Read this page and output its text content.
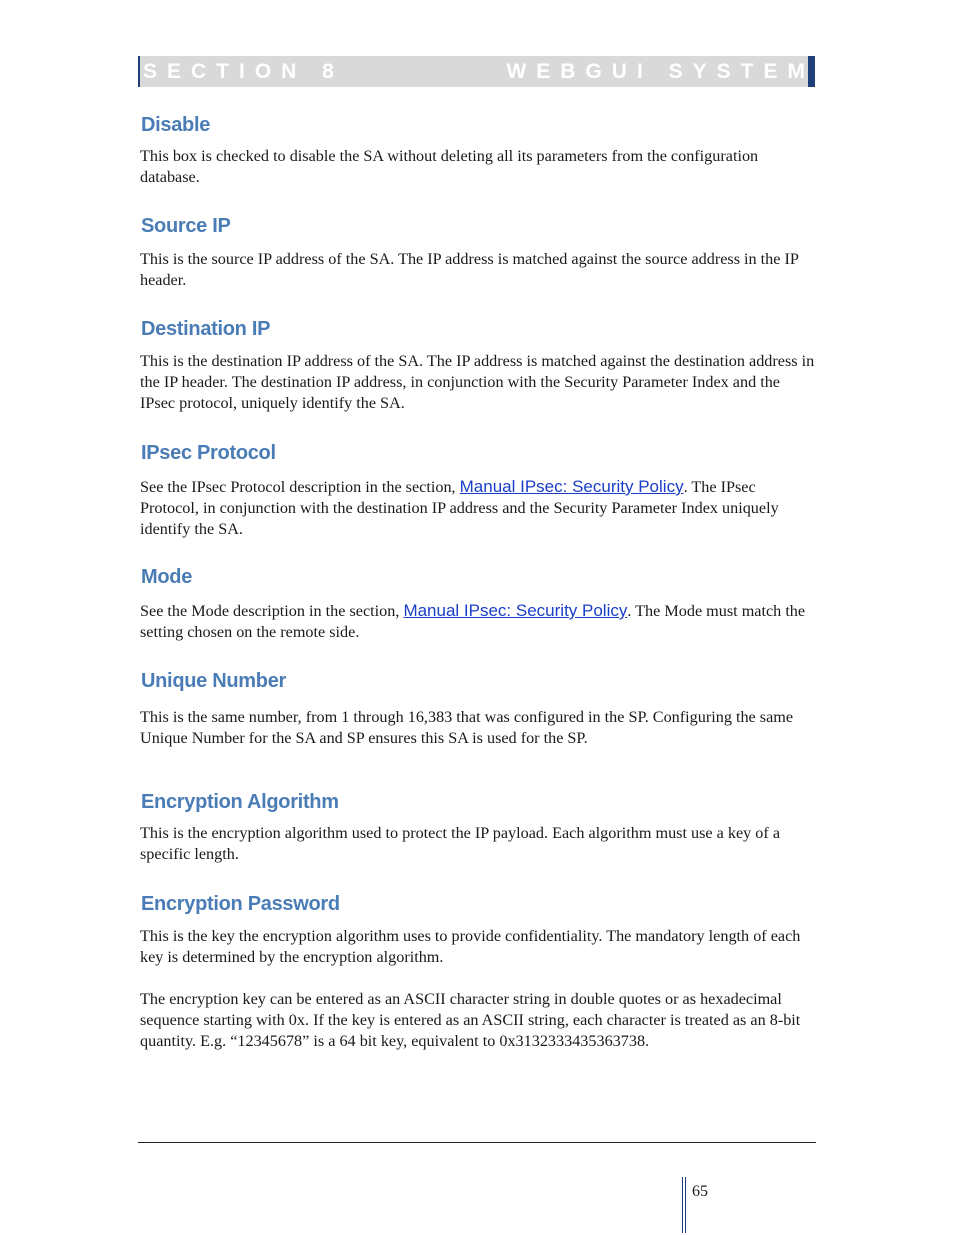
SECTION 8	WEBGUI SYSTEM
Disable

This box is checked to disable the SA without deleting all its parameters from the configuration database.

Source IP

This is the source IP address of the SA. The IP address is matched against the source address in the IP header.

Destination IP

This is the destination IP address of the SA. The IP address is matched against the destination address in the IP header. The destination IP address, in conjunction with the Security Parameter Index and the IPsec protocol, uniquely identify the SA.

IPsec Protocol

See the IPsec Protocol description in the section, Manual IPsec: Security Policy. The IPsec Protocol, in conjunction with the destination IP address and the Security Parameter Index uniquely identify the SA.

Mode

See the Mode description in the section, Manual IPsec: Security Policy. The Mode must match the setting chosen on the remote side.

Unique Number

This is the same number, from 1 through 16,383 that was configured in the SP. Configuring the same Unique Number for the SA and SP ensures this SA is used for the SP.

Encryption Algorithm

This is the encryption algorithm used to protect the IP payload. Each algorithm must use a key of a specific length.

Encryption Password

This is the key the encryption algorithm uses to provide confidentiality. The mandatory length of each key is determined by the encryption algorithm.

The encryption key can be entered as an ASCII character string in double quotes or as hexadecimal sequence starting with 0x. If the key is entered as an ASCII string, each character is treated as an 8-bit quantity. E.g. “12345678” is a 64 bit key, equivalent to 0x3132333435363738.

65
